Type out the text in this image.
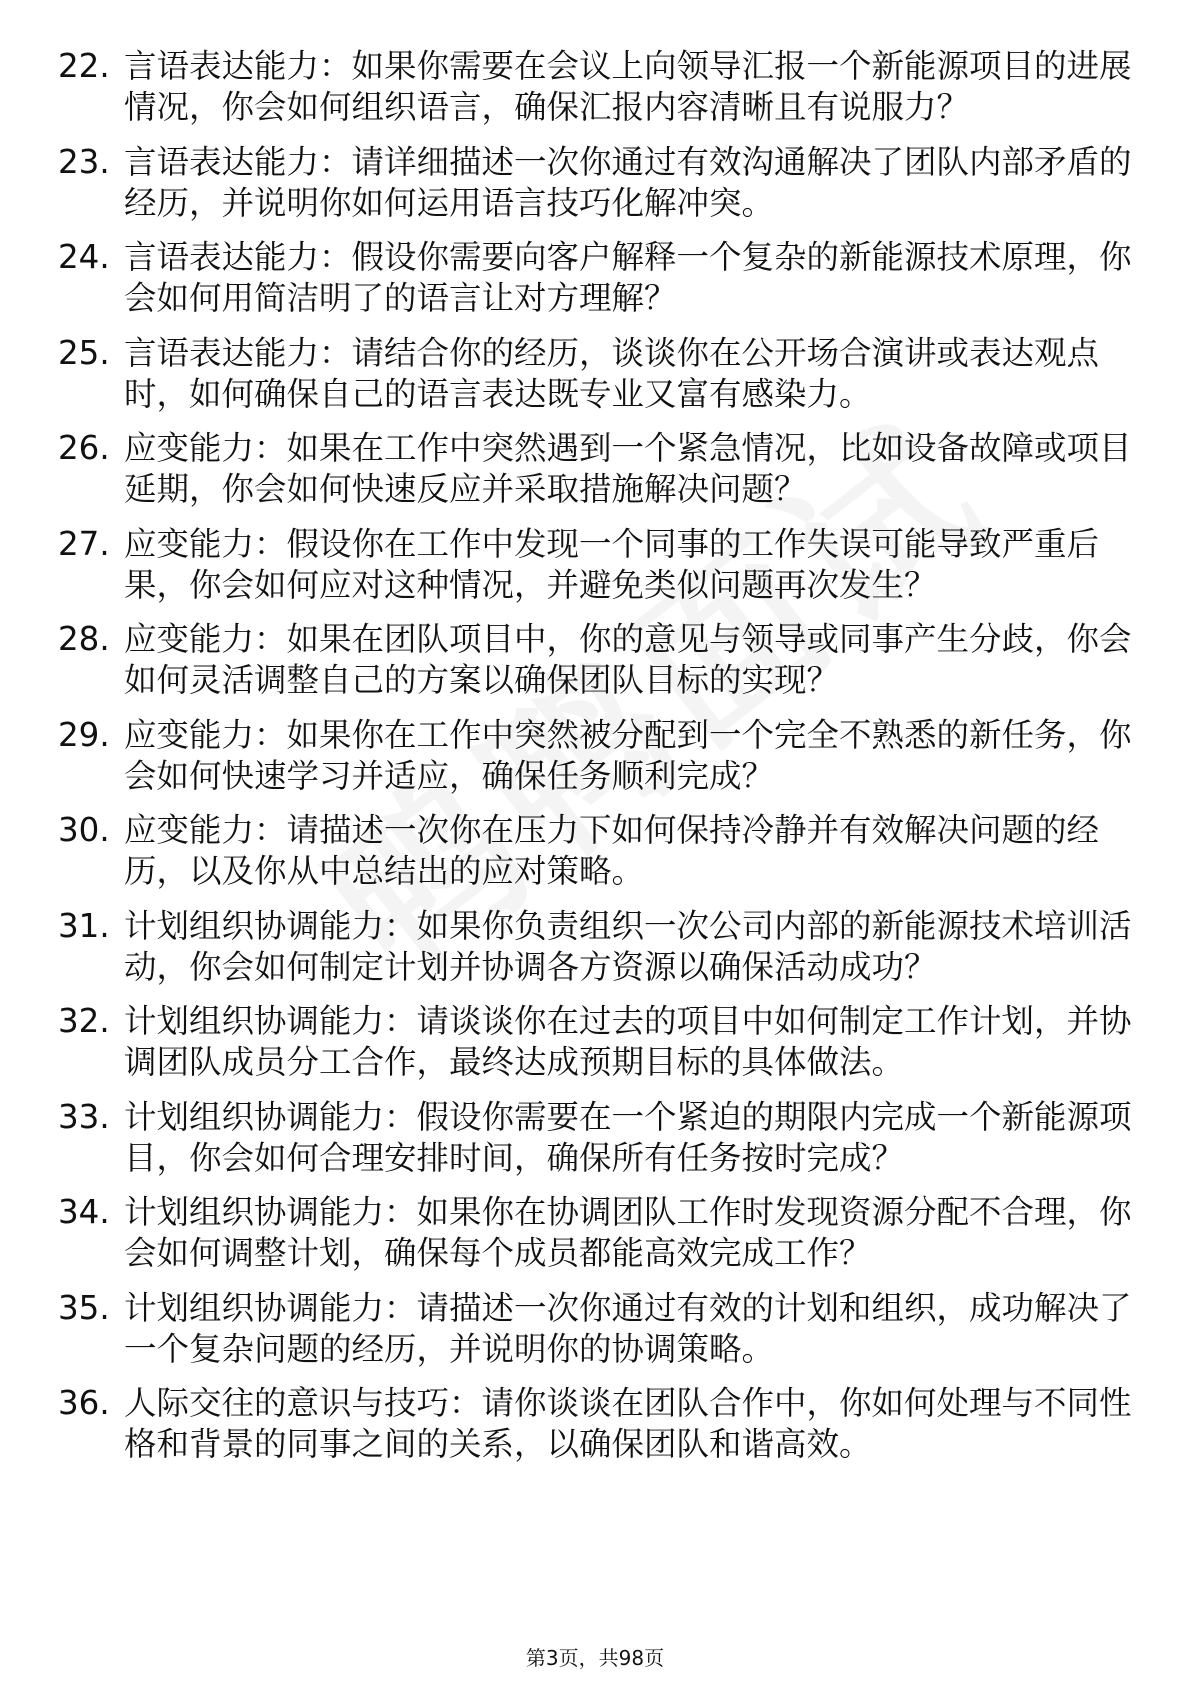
22. 言语表达能力：如果你需要在会议上向领导汇报一个新能源项目的进展情况，你会如何组织语言，确保汇报内容清晰且有说服力？
23. 言语表达能力：请详细描述一次你通过有效沟通解决了团队内部矛盾的经历，并说明你如何运用语言技巧化解冲突。
24. 言语表达能力：假设你需要向客户解释一个复杂的新能源技术原理，你会如何用简洁明了的语言让对方理解？
25. 言语表达能力：请结合你的经历，谈谈你在公开场合演讲或表达观点时，如何确保自己的语言表达既专业又富有感染力。
26. 应变能力：如果在工作中突然遇到一个紧急情况，比如设备故障或项目延期，你会如何快速反应并采取措施解决问题？
27. 应变能力：假设你在工作中发现一个同事的工作失误可能导致严重后果，你会如何应对这种情况，并避免类似问题再次发生？
28. 应变能力：如果在团队项目中，你的意见与领导或同事产生分歧，你会如何灵活调整自己的方案以确保团队目标的实现？
29. 应变能力：如果你在工作中突然被分配到一个完全不熟悉的新任务，你会如何快速学习并适应，确保任务顺利完成？
30. 应变能力：请描述一次你在压力下如何保持冷静并有效解决问题的经历，以及你从中总结出的应对策略。
31. 计划组织协调能力：如果你负责组织一次公司内部的新能源技术培训活动，你会如何制定计划并协调各方资源以确保活动成功？
32. 计划组织协调能力：请谈谈你在过去的项目中如何制定工作计划，并协调团队成员分工合作，最终达成预期目标的具体做法。
33. 计划组织协调能力：假设你需要在一个紧迫的期限内完成一个新能源项目，你会如何合理安排时间，确保所有任务按时完成？
34. 计划组织协调能力：如果你在协调团队工作时发现资源分配不合理，你会如何调整计划，确保每个成员都能高效完成工作？
35. 计划组织协调能力：请描述一次你通过有效的计划和组织，成功解决了一个复杂问题的经历，并说明你的协调策略。
36. 人际交往的意识与技巧：请你谈谈在团队合作中，你如何处理与不同性格和背景的同事之间的关系，以确保团队和谐高效。
第3页，共98页
